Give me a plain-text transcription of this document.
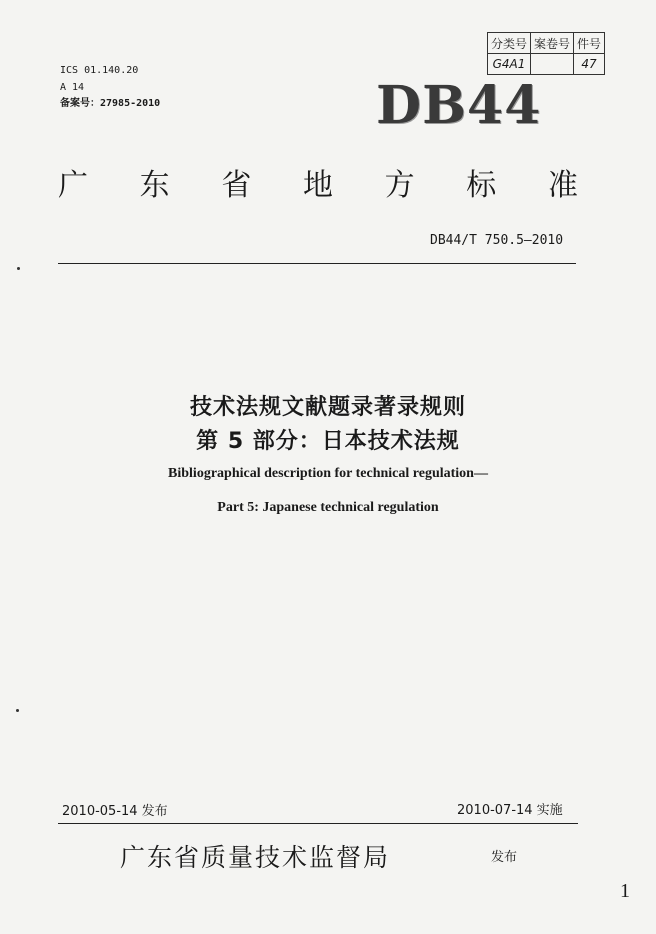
分类号	案卷号	件号
G4A1		47
ICS 01.140.20
A 14
备案号：27985-2010	DB44
广 东 省 地 方 标 准
DB44/T 750.5—2010
技术法规文献题录著录规则
第 5 部分：日本技术法规
Bibliographical description for technical regulation—
Part 5: Japanese technical regulation
2010-05-14 发布	2010-07-14 实施
广东省质量技术监督局	发布
1
